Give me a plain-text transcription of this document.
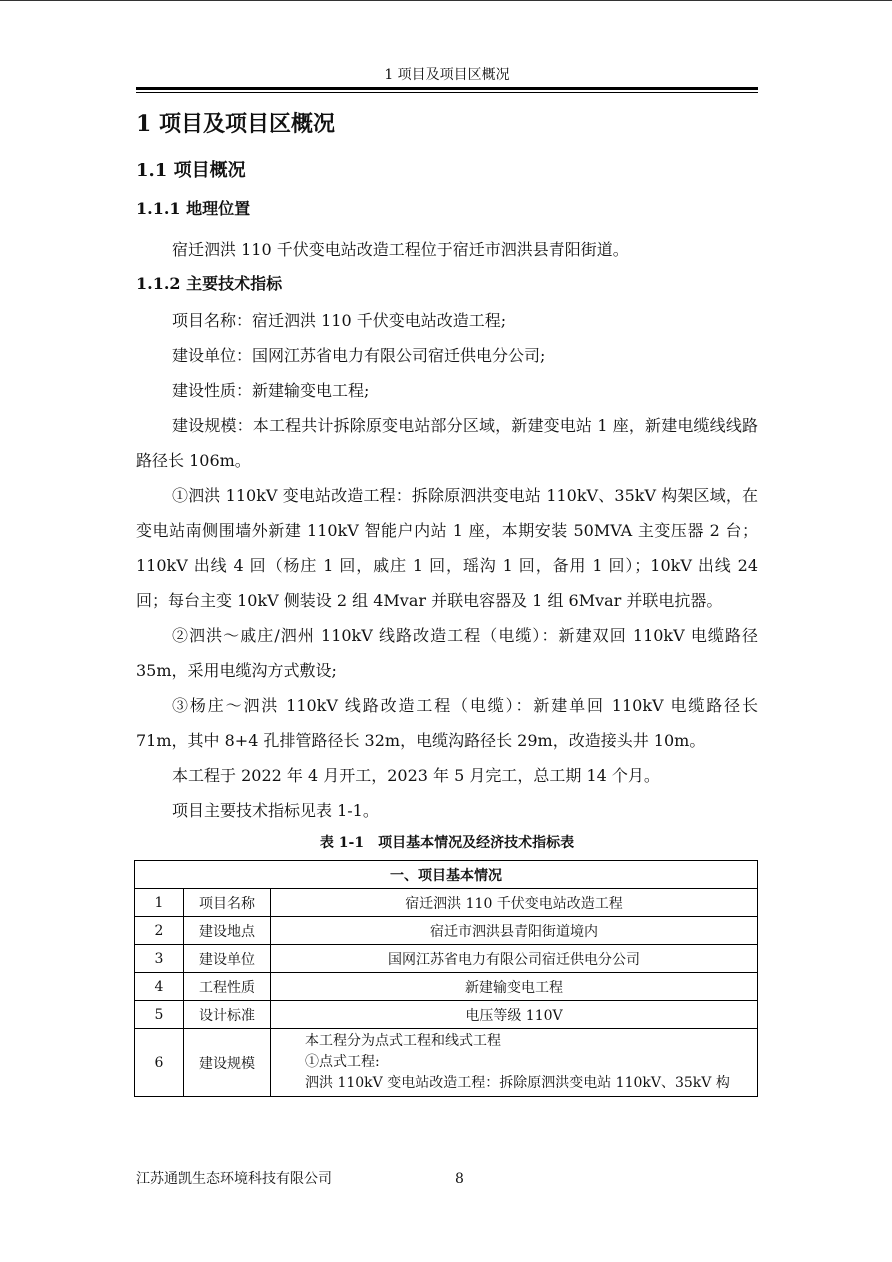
1 项目及项目区概况
1 项目及项目区概况
1.1 项目概况
1.1.1 地理位置

宿迁泗洪 110 千伏变电站改造工程位于宿迁市泗洪县青阳街道。

1.1.2 主要技术指标

项目名称：宿迁泗洪 110 千伏变电站改造工程;

建设单位：国网江苏省电力有限公司宿迁供电分公司;

建设性质：新建输变电工程;

建设规模：本工程共计拆除原变电站部分区域，新建变电站 1 座，新建电缆线线路路径长 106m。

①泗洪 110kV 变电站改造工程：拆除原泗洪变电站 110kV、35kV 构架区域，在变电站南侧围墙外新建 110kV 智能户内站 1 座，本期安装 50MVA 主变压器 2 台；110kV 出线 4 回（杨庄 1 回，戚庄 1 回，瑶沟 1 回，备用 1 回）；10kV 出线 24 回；每台主变 10kV 侧装设 2 组 4Mvar 并联电容器及 1 组 6Mvar 并联电抗器。

②泗洪～戚庄/泗州 110kV 线路改造工程（电缆）：新建双回 110kV 电缆路径 35m，采用电缆沟方式敷设;

③杨庄～泗洪 110kV 线路改造工程（电缆）：新建单回 110kV 电缆路径长 71m，其中 8+4 孔排管路径长 32m，电缆沟路径长 29m，改造接头井 10m。

本工程于 2022 年 4 月开工，2023 年 5 月完工，总工期 14 个月。

项目主要技术指标见表 1-1。

表 1-1　项目基本情况及经济技术指标表
一、项目基本情况		
1	项目名称	宿迁泗洪 110 千伏变电站改造工程
2	建设地点	宿迁市泗洪县青阳街道境内
3	建设单位	国网江苏省电力有限公司宿迁供电分公司
4	工程性质	新建输变电工程
5	设计标准	电压等级 110V
6	建设规模	本工程分为点式工程和线式工程
①点式工程:
泗洪 110kV 变电站改造工程：拆除原泗洪变电站 110kV、35kV 构
江苏通凯生态环境科技有限公司	8
